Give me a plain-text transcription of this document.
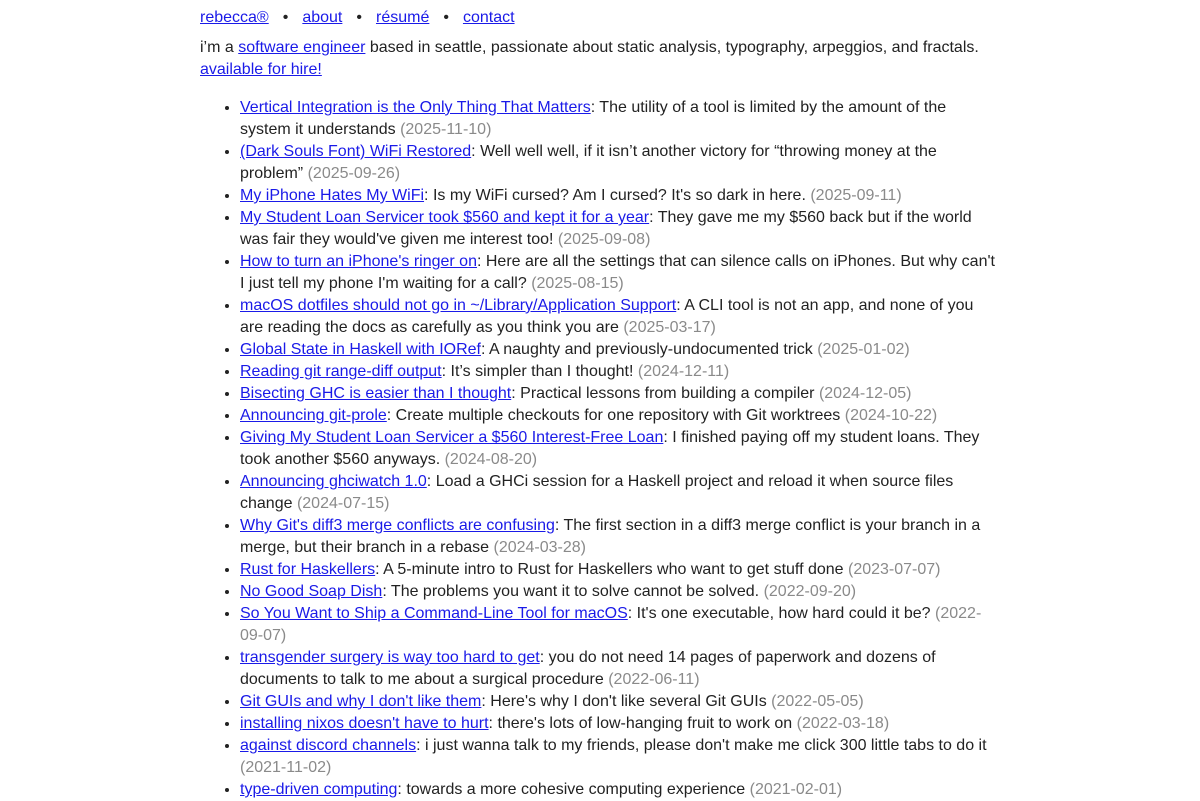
rebecca® • about • résumé • contact

i’m a software engineer based in seattle, passionate about static analysis, typography, arpeggios, and fractals.
available for hire!

• Vertical Integration is the Only Thing That Matters: The utility of a tool is limited by the amount of the system it understands (2025-11-10)
• (Dark Souls Font) WiFi Restored: Well well well, if it isn’t another victory for “throwing money at the problem” (2025-09-26)
• My iPhone Hates My WiFi: Is my WiFi cursed? Am I cursed? It's so dark in here. (2025-09-11)
• My Student Loan Servicer took $560 and kept it for a year: They gave me my $560 back but if the world was fair they would've given me interest too! (2025-09-08)
• How to turn an iPhone's ringer on: Here are all the settings that can silence calls on iPhones. But why can't I just tell my phone I'm waiting for a call? (2025-08-15)
• macOS dotfiles should not go in ~/Library/Application Support: A CLI tool is not an app, and none of you are reading the docs as carefully as you think you are (2025-03-17)
• Global State in Haskell with IORef: A naughty and previously-undocumented trick (2025-01-02)
• Reading git range-diff output: It’s simpler than I thought! (2024-12-11)
• Bisecting GHC is easier than I thought: Practical lessons from building a compiler (2024-12-05)
• Announcing git-prole: Create multiple checkouts for one repository with Git worktrees (2024-10-22)
• Giving My Student Loan Servicer a $560 Interest-Free Loan: I finished paying off my student loans. They took another $560 anyways. (2024-08-20)
• Announcing ghciwatch 1.0: Load a GHCi session for a Haskell project and reload it when source files change (2024-07-15)
• Why Git's diff3 merge conflicts are confusing: The first section in a diff3 merge conflict is your branch in a merge, but their branch in a rebase (2024-03-28)
• Rust for Haskellers: A 5-minute intro to Rust for Haskellers who want to get stuff done (2023-07-07)
• No Good Soap Dish: The problems you want it to solve cannot be solved. (2022-09-20)
• So You Want to Ship a Command-Line Tool for macOS: It's one executable, how hard could it be? (2022-09-07)
• transgender surgery is way too hard to get: you do not need 14 pages of paperwork and dozens of documents to talk to me about a surgical procedure (2022-06-11)
• Git GUIs and why I don't like them: Here's why I don't like several Git GUIs (2022-05-05)
• installing nixos doesn't have to hurt: there's lots of low-hanging fruit to work on (2022-03-18)
• against discord channels: i just wanna talk to my friends, please don't make me click 300 little tabs to do it (2021-11-02)
• type-driven computing: towards a more cohesive computing experience (2021-02-01)
